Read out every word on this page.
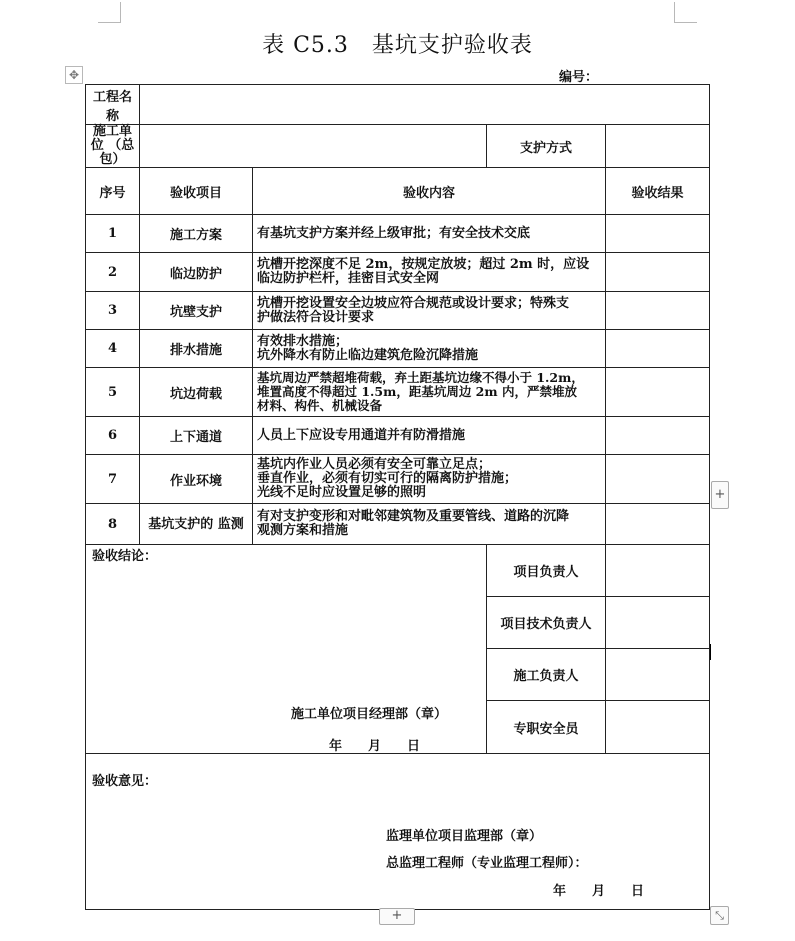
表 C5.3　基坑支护验收表
编号：
✥
工程名称				
施工单位 （总包）			支护方式	
序号	验收项目	验收内容		验收结果
1	施工方案	有基坑支护方案并经上级审批；有安全技术交底		

2	临边防护	坑槽开挖深度不足 2m，按规定放坡；超过 2m 时，应设
临边防护栏杆，挂密目式安全网		

3	坑壁支护	坑槽开挖设置安全边坡应符合规范或设计要求；特殊支
护做法符合设计要求		

4	排水措施	有效排水措施；
坑外降水有防止临边建筑危险沉降措施		

5	坑边荷载	基坑周边严禁超堆荷载，弃土距基坑边缘不得小于 1.2m，
堆置高度不得超过 1.5m，距基坑周边 2m 内，严禁堆放
材料、构件、机械设备		

6	上下通道	人员上下应设专用通道并有防滑措施		

7	作业环境	基坑内作业人员必须有安全可靠立足点；
垂直作业，必须有切实可行的隔离防护措施；
光线不足时应设置足够的照明		

8	基坑支护的 监测	有对支护变形和对毗邻建筑物及重要管线、道路的沉降
观测方案和措施		

验收结论：
施工单位项目经理部（章）
年　　月　　日			项目负责人	
			项目技术负责人	
			施工负责人	
			专职安全员	

验收意见：
监理单位项目监理部（章）
总监理工程师（专业监理工程师）：
年　　月　　日				
+
+	⤡
